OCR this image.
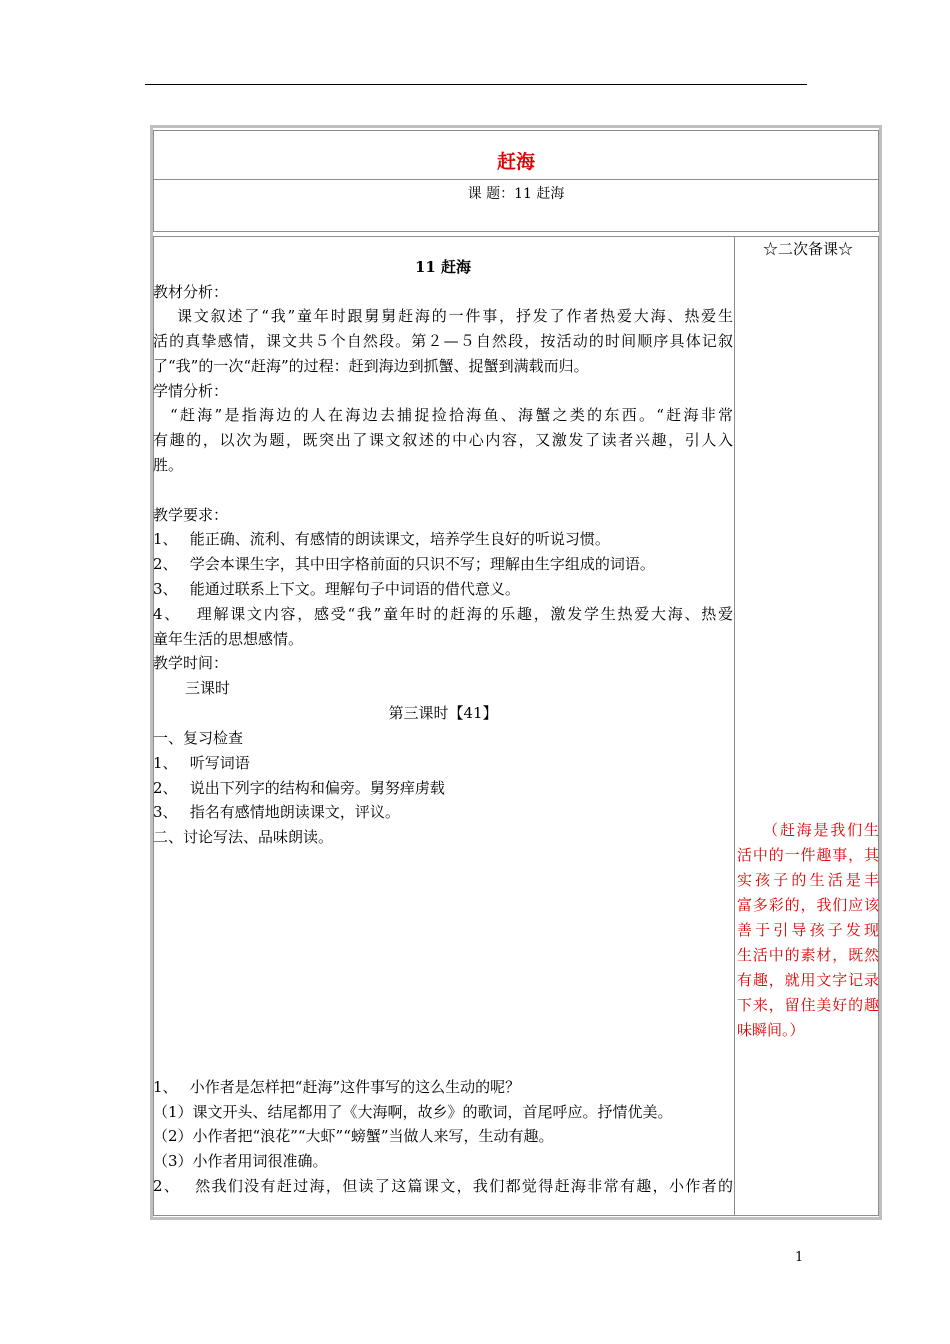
赶海
课 题：11 赶海
☆二次备课☆
（赶海是我们生
活中的一件趣事，其
实孩子的生活是丰
富多彩的，我们应该
善于引导孩子发现
生活中的素材，既然
有趣，就用文字记录
下来，留住美好的趣
味瞬间。）
11 赶海
教材分析：
课文叙述了“我”童年时跟舅舅赶海的一件事，抒发了作者热爱大海、热爱生
活的真挚感情，课文共５个自然段。第２—５自然段，按活动的时间顺序具体记叙
了“我”的一次“赶海”的过程：赶到海边到抓蟹、捉蟹到满载而归。
学情分析：
“赶海”是指海边的人在海边去捕捉捡拾海鱼、海蟹之类的东西。“赶海非常
有趣的，以次为题，既突出了课文叙述的中心内容，又激发了读者兴趣，引人入
胜。
教学要求：
1、　 能正确、流利、有感情的朗读课文，培养学生良好的听说习惯。
2、　 学会本课生字，其中田字格前面的只识不写；理解由生字组成的词语。
3、　 能通过联系上下文。理解句子中词语的借代意义。
4、　 理解课文内容，感受“我”童年时的赶海的乐趣，激发学生热爱大海、热爱
童年生活的思想感情。
教学时间：
三课时
第三课时【41】
一、复习检查
1、　 听写词语
2、　 说出下列字的结构和偏旁。舅努痒虏载
3、　 指名有感情地朗读课文，评议。
二、讨论写法、品味朗读。
1、　 小作者是怎样把“赶海”这件事写的这么生动的呢？
（1）课文开头、结尾都用了《大海啊，故乡》的歌词，首尾呼应。抒情优美。
（2）小作者把“浪花”“大虾”“螃蟹”当做人来写，生动有趣。
（3）小作者用词很准确。
2、　 然我们没有赶过海，但读了这篇课文，我们都觉得赶海非常有趣，小作者的
1
